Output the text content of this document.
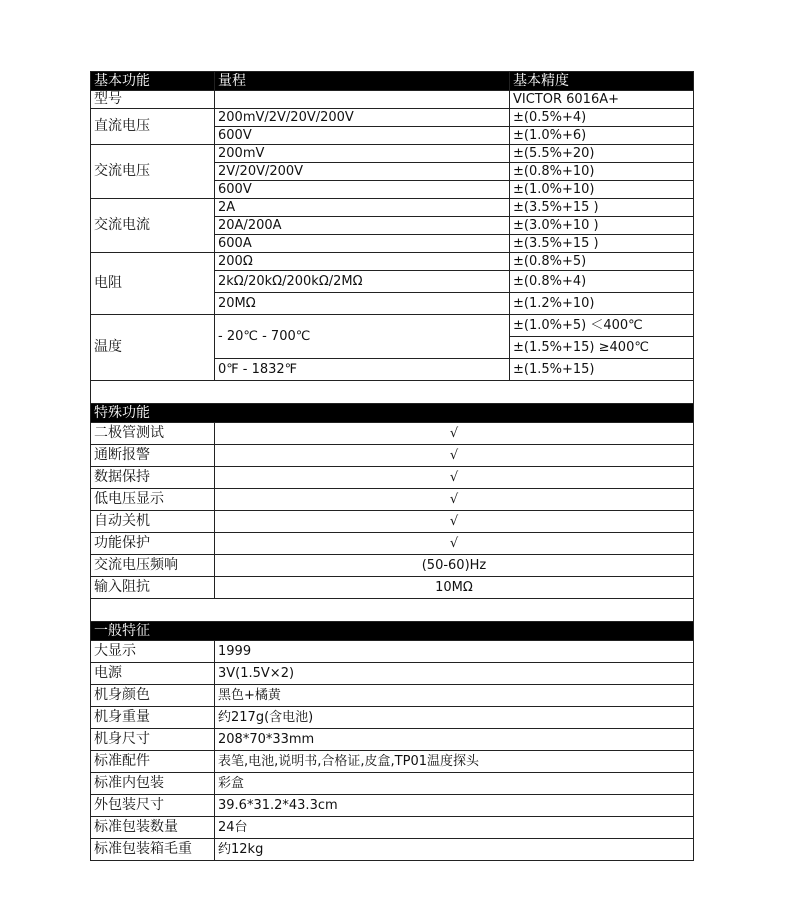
基本功能	量程	基本精度
型号		VICTOR 6016A+
直流电压	200mV/2V/20V/200V	±(0.5%+4)
	600V	±(1.0%+6)
交流电压	200mV	±(5.5%+20)
	2V/20V/200V	±(0.8%+10)
	600V	±(1.0%+10)
交流电流	2A	±(3.5%+15 )
	20A/200A	±(3.0%+10 )
	600A	±(3.5%+15 )
电阻	200Ω	±(0.8%+5)
	2kΩ/20kΩ/200kΩ/2MΩ	±(0.8%+4)
	20MΩ	±(1.2%+10)
温度	- 20℃ - 700℃	±(1.0%+5) ＜400℃
		±(1.5%+15) ≥400℃
	0℉ - 1832℉	±(1.5%+15)

特殊功能		
二极管测试	√	
通断报警	√	
数据保持	√	
低电压显示	√	
自动关机	√	
功能保护	√	
交流电压频响	(50-60)Hz	
输入阻抗	10MΩ	

一般特征		
大显示	1999	
电源	3V(1.5V×2)	
机身颜色	黑色+橘黄	
机身重量	约217g(含电池)	
机身尺寸	208*70*33mm	
标准配件	表笔,电池,说明书,合格证,皮盒,TP01温度探头	
标准内包装	彩盒	
外包装尺寸	39.6*31.2*43.3cm	
标准包装数量	24台	
标准包装箱毛重	约12kg	
